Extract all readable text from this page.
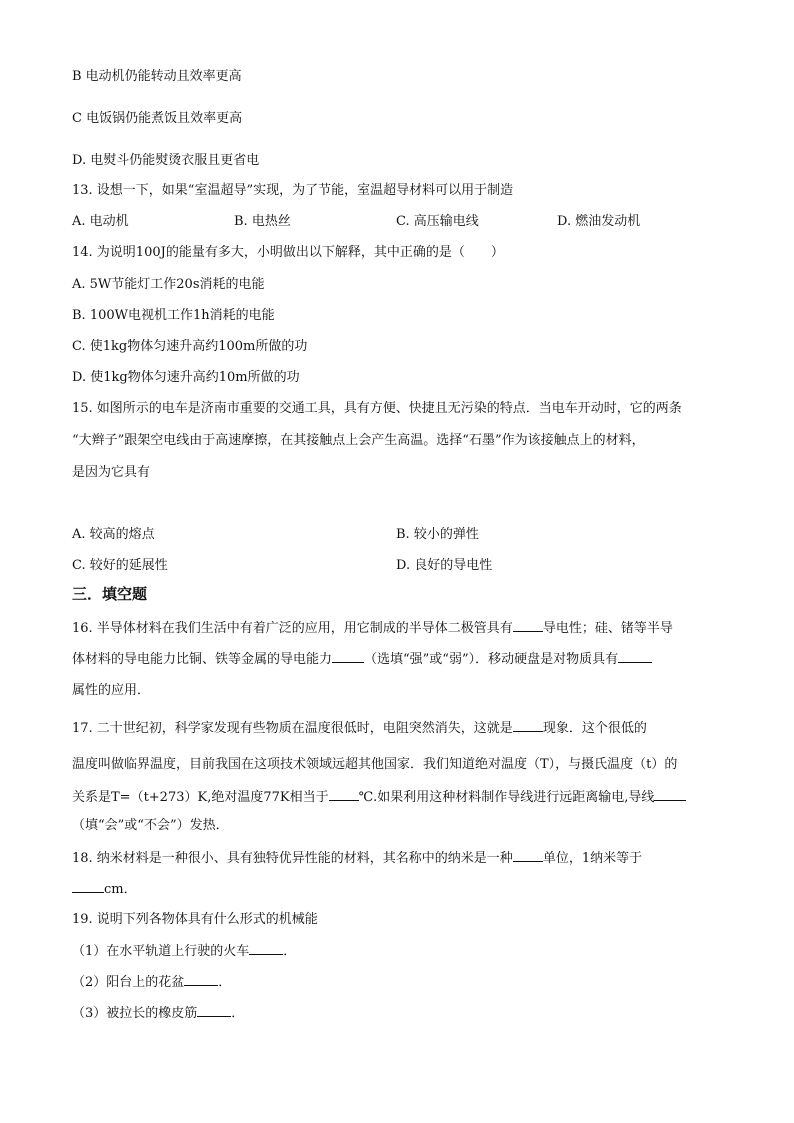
B 电动机仍能转动且效率更高
C 电饭锅仍能煮饭且效率更高
D. 电熨斗仍能熨烫衣服且更省电
13. 设想一下，如果“室温超导”实现，为了节能，室温超导材料可以用于制造
A. 电动机	B. 电热丝	C. 高压输电线	D. 燃油发动机
14. 为说明100J的能量有多大，小明做出以下解释，其中正确的是（　　）
A. 5W节能灯工作20s消耗的电能
B. 100W电视机工作1h消耗的电能
C. 使1kg物体匀速升高约100m所做的功
D. 使1kg物体匀速升高约10m所做的功
15. 如图所示的电车是济南市重要的交通工具，具有方便、快捷且无污染的特点．当电车开动时，它的两条
“大辫子”跟架空电线由于高速摩擦，在其接触点上会产生高温。选择“石墨”作为该接触点上的材料，
是因为它具有
A. 较高的熔点	B. 较小的弹性
C. 较好的延展性	D. 良好的导电性
三．填空题
16. 半导体材料在我们生活中有着广泛的应用，用它制成的半导体二极管具有 导电性；硅、锗等半导
体材料的导电能力比铜、铁等金属的导电能力 （选填“强”或“弱”）．移动硬盘是对物质具有
属性的应用．
17. 二十世纪初，科学家发现有些物质在温度很低时，电阻突然消失，这就是 现象．这个很低的
温度叫做临界温度，目前我国在这项技术领域远超其他国家．我们知道绝对温度（T），与摄氏温度（t）的
关系是T=（t+273）K,绝对温度77K相当于 ℃.如果利用这种材料制作导线进行远距离输电,导线
（填“会”或“不会”）发热．
18. 纳米材料是一种很小、具有独特优异性能的材料，其名称中的纳米是一种 单位，1纳米等于
cm．
19. 说明下列各物体具有什么形式的机械能
（1）在水平轨道上行驶的火车	．
（2）阳台上的花盆	．
（3）被拉长的橡皮筋	．
